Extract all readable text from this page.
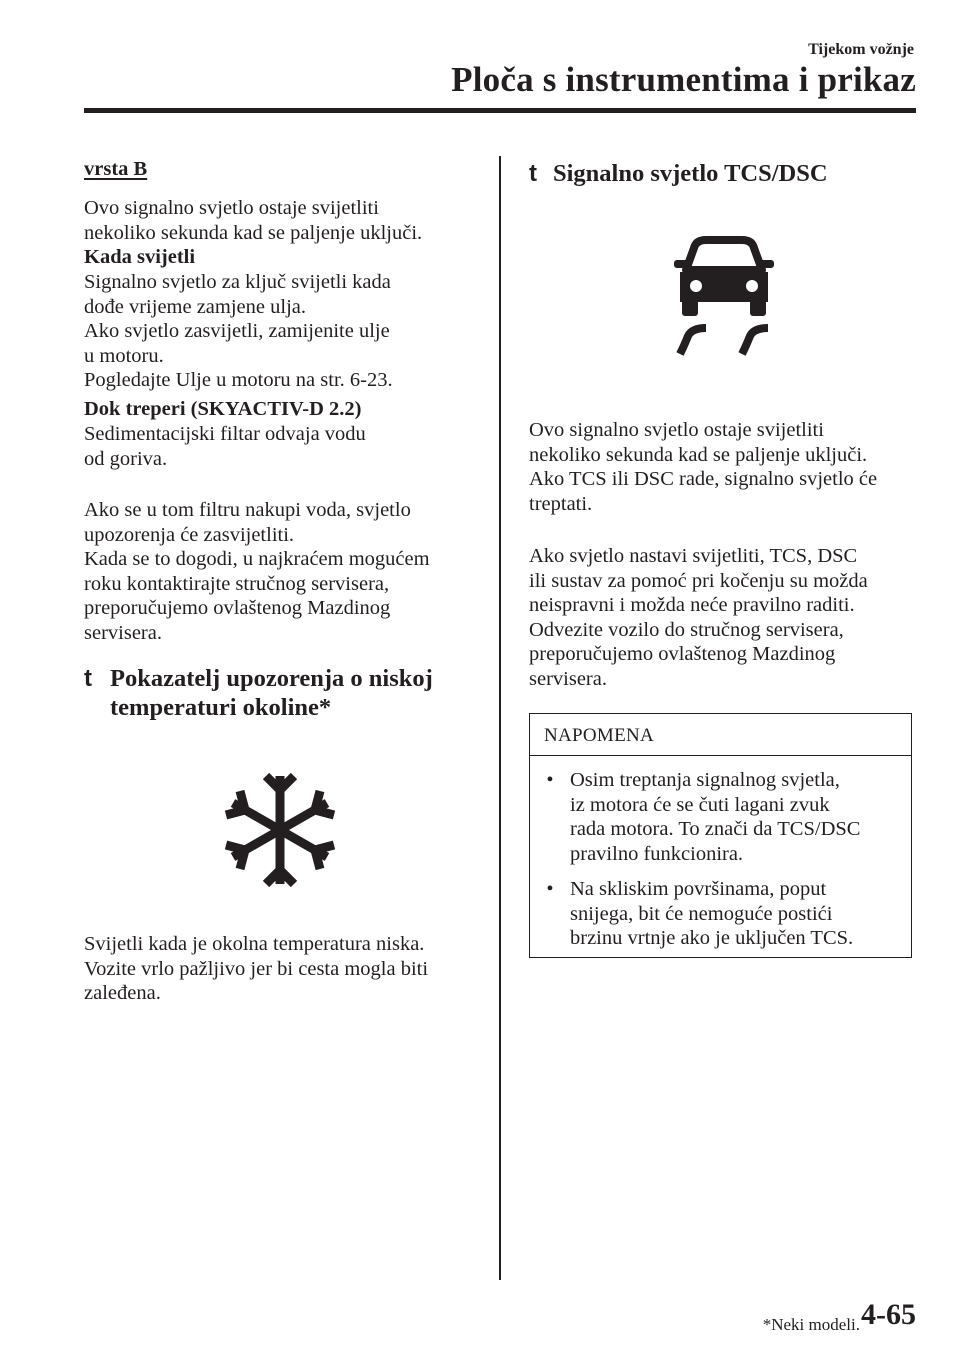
Tijekom vožnje
Ploča s instrumentima i prikaz
vrsta B
Ovo signalno svjetlo ostaje svijetliti
nekoliko sekunda kad se paljenje uključi.
Kada svijetli
Signalno svjetlo za ključ svijetli kada
dođe vrijeme zamjene ulja.
Ako svjetlo zasvijetli, zamijenite ulje
u motoru.
Pogledajte Ulje u motoru na str. 6-23.
Dok treperi (SKYACTIV-D 2.2)
Sedimentacijski filtar odvaja vodu
od goriva.
Ako se u tom filtru nakupi voda, svjetlo
upozorenja će zasvijetliti.
Kada se to dogodi, u najkraćem mogućem
roku kontaktirajte stručnog servisera,
preporučujemo ovlaštenog Mazdinog
servisera.
t Pokazatelj upozorenja o niskoj
temperaturi okoline*
Svijetli kada je okolna temperatura niska.
Vozite vrlo pažljivo jer bi cesta mogla biti
zaleđena.
t Signalno svjetlo TCS/DSC
Ovo signalno svjetlo ostaje svijetliti
nekoliko sekunda kad se paljenje uključi.
Ako TCS ili DSC rade, signalno svjetlo će
treptati.
Ako svjetlo nastavi svijetliti, TCS, DSC
ili sustav za pomoć pri kočenju su možda
neispravni i možda neće pravilno raditi.
Odvezite vozilo do stručnog servisera,
preporučujemo ovlaštenog Mazdinog
servisera.
NAPOMENA
• Osim treptanja signalnog svjetla,
iz motora će se čuti lagani zvuk
rada motora. To znači da TCS/DSC
pravilno funkcionira.
• Na skliskim površinama, poput
snijega, bit će nemoguće postići
brzinu vrtnje ako je uključen TCS.
*Neki modeli. 4-65
